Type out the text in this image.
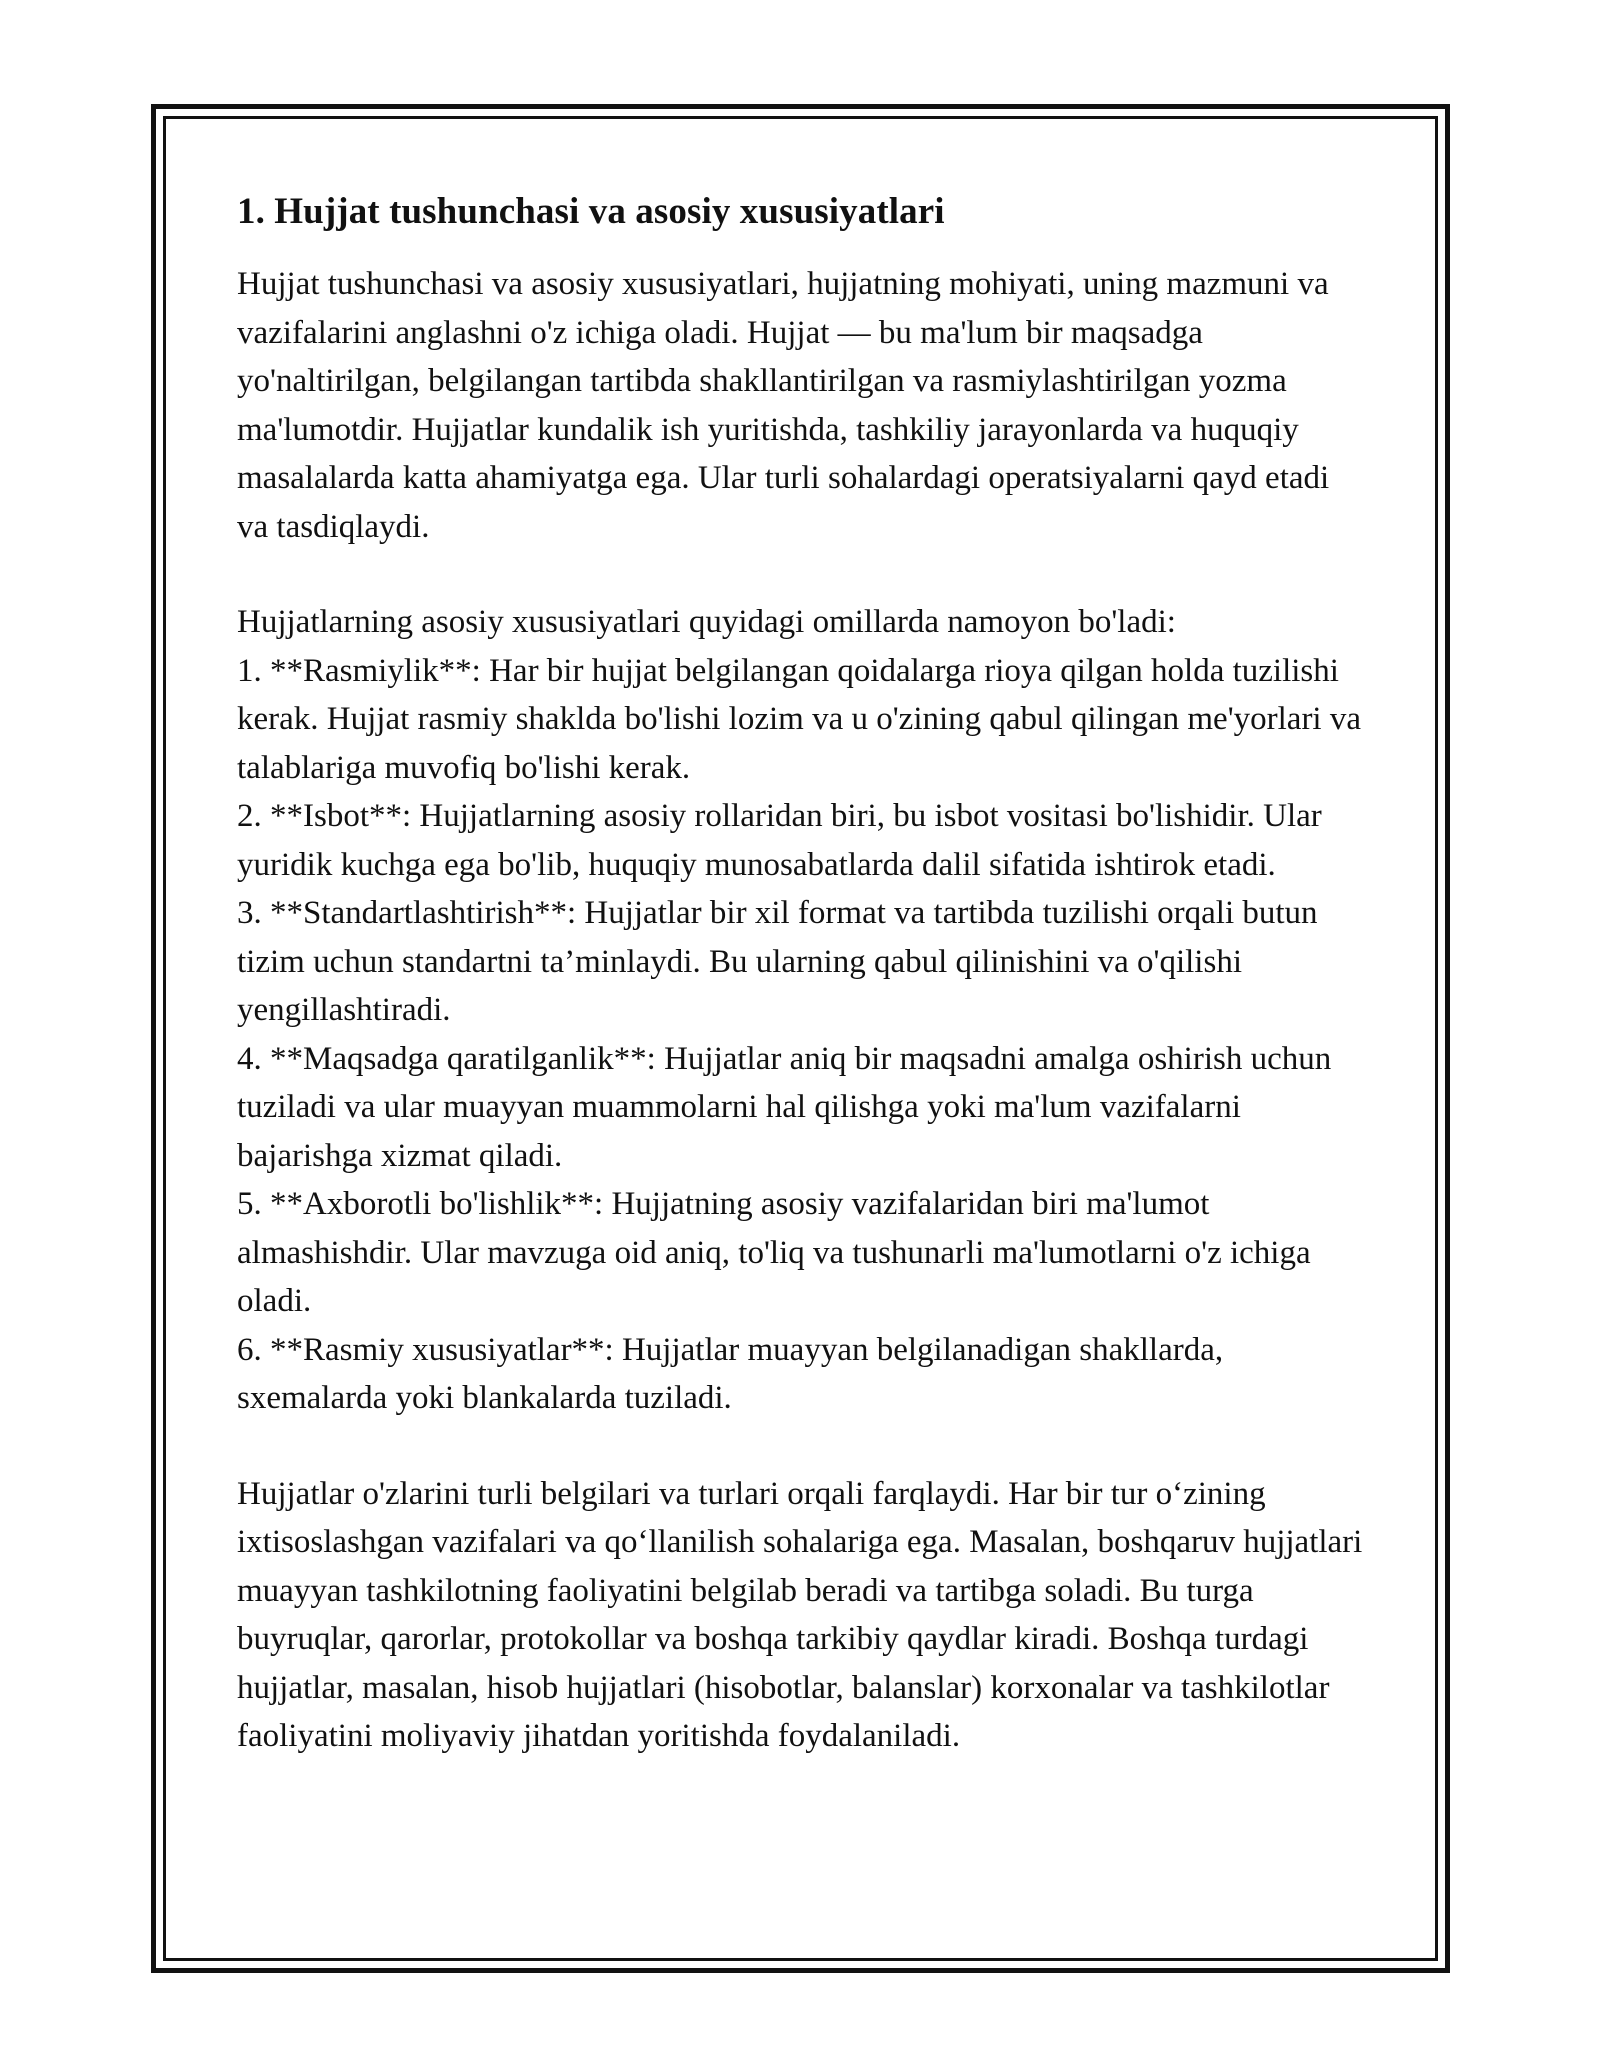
1. Hujjat tushunchasi va asosiy xususiyatlari

Hujjat tushunchasi va asosiy xususiyatlari, hujjatning mohiyati, uning mazmuni va vazifalarini anglashni o'z ichiga oladi. Hujjat — bu ma'lum bir maqsadga yo'naltirilgan, belgilangan tartibda shakllantirilgan va rasmiylashtirilgan yozma ma'lumotdir. Hujjatlar kundalik ish yuritishda, tashkiliy jarayonlarda va huquqiy masalalarda katta ahamiyatga ega. Ular turli sohalardagi operatsiyalarni qayd etadi va tasdiqlaydi.

Hujjatlarning asosiy xususiyatlari quyidagi omillarda namoyon bo'ladi:

1. **Rasmiylik**: Har bir hujjat belgilangan qoidalarga rioya qilgan holda tuzilishi kerak. Hujjat rasmiy shaklda bo'lishi lozim va u o'zining qabul qilingan me'yorlari va talablariga muvofiq bo'lishi kerak.

2. **Isbot**: Hujjatlarning asosiy rollaridan biri, bu isbot vositasi bo'lishidir. Ular yuridik kuchga ega bo'lib, huquqiy munosabatlarda dalil sifatida ishtirok etadi.

3. **Standartlashtirish**: Hujjatlar bir xil format va tartibda tuzilishi orqali butun tizim uchun standartni ta’minlaydi. Bu ularning qabul qilinishini va o'qilishi yengillashtiradi.

4. **Maqsadga qaratilganlik**: Hujjatlar aniq bir maqsadni amalga oshirish uchun tuziladi va ular muayyan muammolarni hal qilishga yoki ma'lum vazifalarni bajarishga xizmat qiladi.

5. **Axborotli bo'lishlik**: Hujjatning asosiy vazifalaridan biri ma'lumot almashishdir. Ular mavzuga oid aniq, to'liq va tushunarli ma'lumotlarni o'z ichiga oladi.

6. **Rasmiy xususiyatlar**: Hujjatlar muayyan belgilanadigan shakllarda, sxemalarda yoki blankalarda tuziladi.

Hujjatlar o'zlarini turli belgilari va turlari orqali farqlaydi. Har bir tur o‘zining ixtisoslashgan vazifalari va qo‘llanilish sohalariga ega. Masalan, boshqaruv hujjatlari muayyan tashkilotning faoliyatini belgilab beradi va tartibga soladi. Bu turga buyruqlar, qarorlar, protokollar va boshqa tarkibiy qaydlar kiradi. Boshqa turdagi hujjatlar, masalan, hisob hujjatlari (hisobotlar, balanslar) korxonalar va tashkilotlar faoliyatini moliyaviy jihatdan yoritishda foydalaniladi.
